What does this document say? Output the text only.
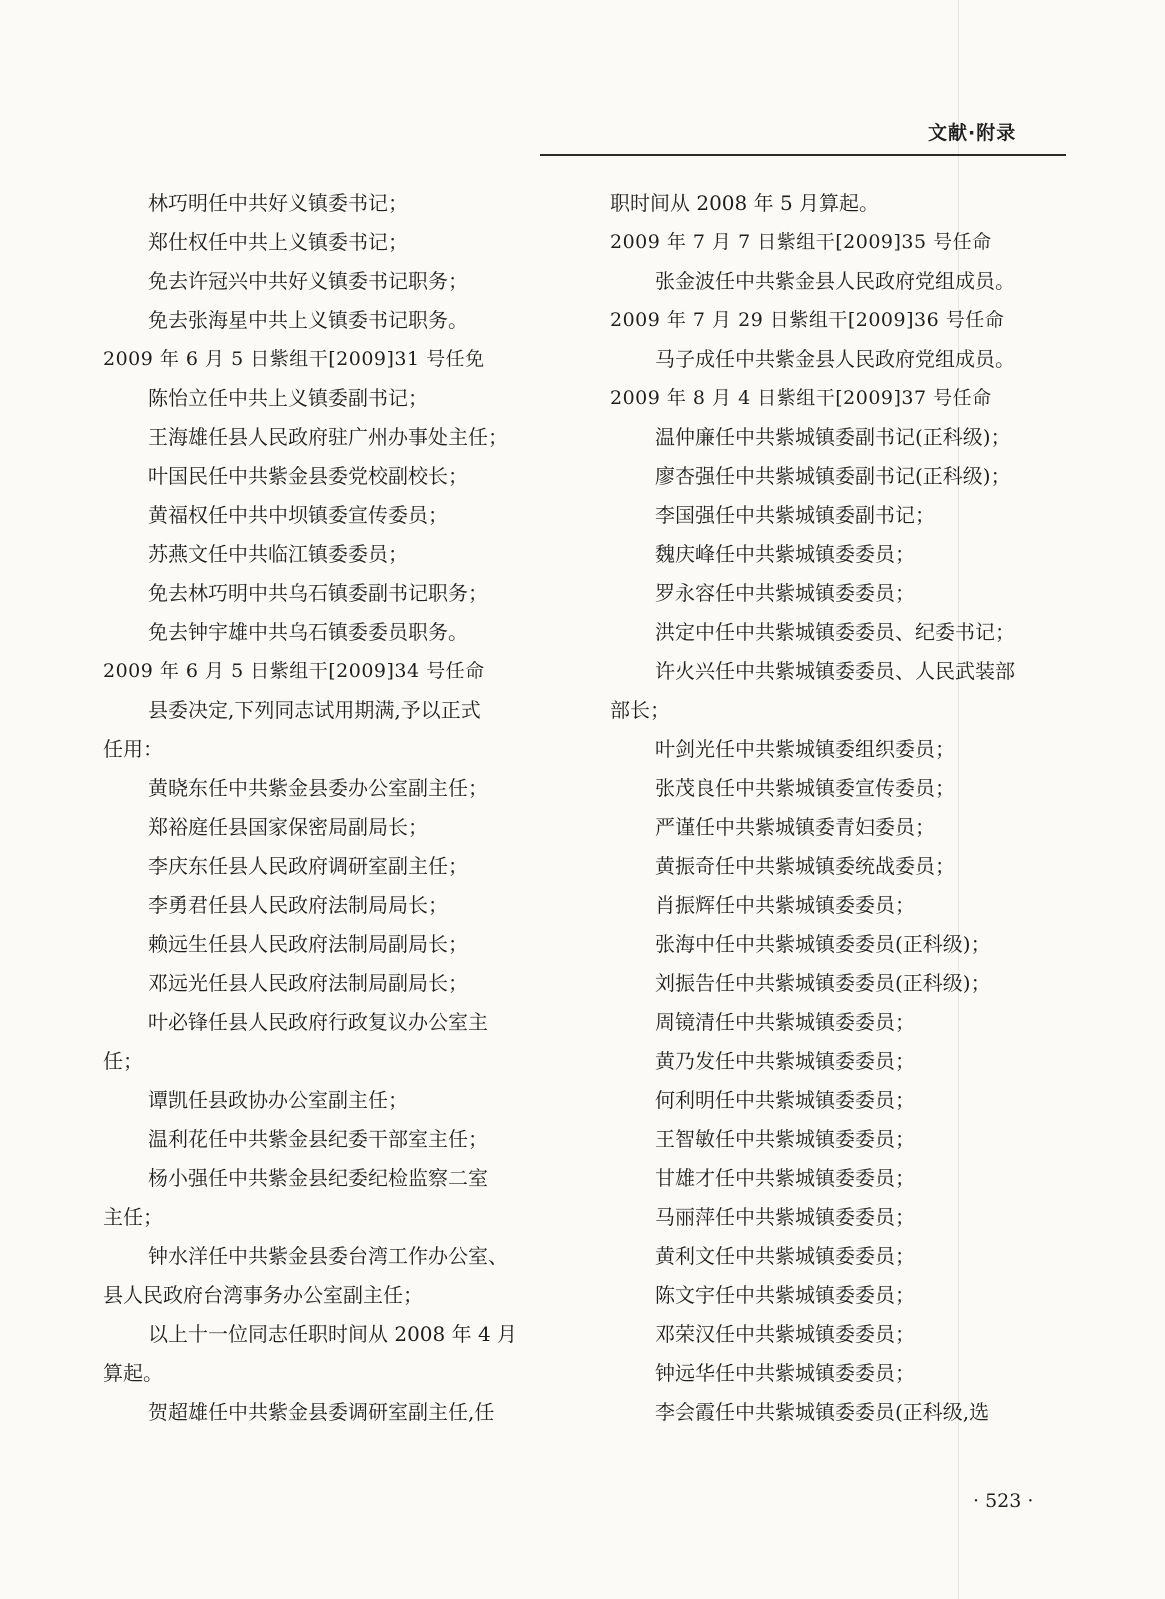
文献·附录
林巧明任中共好义镇委书记；
郑仕权任中共上义镇委书记；
免去许冠兴中共好义镇委书记职务；
免去张海星中共上义镇委书记职务。
2009 年 6 月 5 日紫组干[2009]31 号任免
陈怡立任中共上义镇委副书记；
王海雄任县人民政府驻广州办事处主任；
叶国民任中共紫金县委党校副校长；
黄福权任中共中坝镇委宣传委员；
苏燕文任中共临江镇委委员；
免去林巧明中共乌石镇委副书记职务；
免去钟宇雄中共乌石镇委委员职务。
2009 年 6 月 5 日紫组干[2009]34 号任命
县委决定,下列同志试用期满,予以正式
任用：
黄晓东任中共紫金县委办公室副主任；
郑裕庭任县国家保密局副局长；
李庆东任县人民政府调研室副主任；
李勇君任县人民政府法制局局长；
赖远生任县人民政府法制局副局长；
邓远光任县人民政府法制局副局长；
叶必锋任县人民政府行政复议办公室主
任；
谭凯任县政协办公室副主任；
温利花任中共紫金县纪委干部室主任；
杨小强任中共紫金县纪委纪检监察二室
主任；
钟水洋任中共紫金县委台湾工作办公室、
县人民政府台湾事务办公室副主任；
以上十一位同志任职时间从 2008 年 4 月
算起。
贺超雄任中共紫金县委调研室副主任,任
职时间从 2008 年 5 月算起。
2009 年 7 月 7 日紫组干[2009]35 号任命
张金波任中共紫金县人民政府党组成员。
2009 年 7 月 29 日紫组干[2009]36 号任命
马子成任中共紫金县人民政府党组成员。
2009 年 8 月 4 日紫组干[2009]37 号任命
温仲廉任中共紫城镇委副书记(正科级)；
廖杏强任中共紫城镇委副书记(正科级)；
李国强任中共紫城镇委副书记；
魏庆峰任中共紫城镇委委员；
罗永容任中共紫城镇委委员；
洪定中任中共紫城镇委委员、纪委书记；
许火兴任中共紫城镇委委员、人民武装部
部长；
叶剑光任中共紫城镇委组织委员；
张茂良任中共紫城镇委宣传委员；
严谨任中共紫城镇委青妇委员；
黄振奇任中共紫城镇委统战委员；
肖振辉任中共紫城镇委委员；
张海中任中共紫城镇委委员(正科级)；
刘振告任中共紫城镇委委员(正科级)；
周镜清任中共紫城镇委委员；
黄乃发任中共紫城镇委委员；
何利明任中共紫城镇委委员；
王智敏任中共紫城镇委委员；
甘雄才任中共紫城镇委委员；
马丽萍任中共紫城镇委委员；
黄利文任中共紫城镇委委员；
陈文宇任中共紫城镇委委员；
邓荣汉任中共紫城镇委委员；
钟远华任中共紫城镇委委员；
李会霞任中共紫城镇委委员(正科级,选
· 523 ·
